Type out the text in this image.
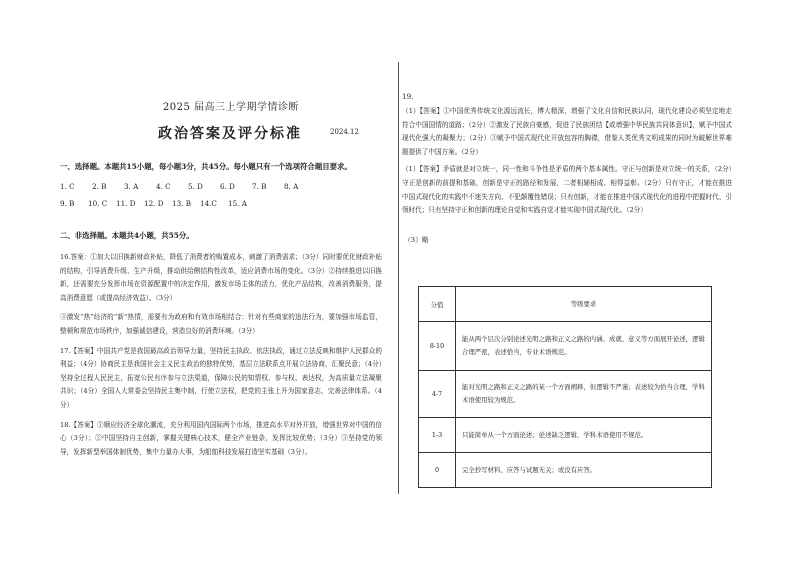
2025 届高三上学期学情诊断
政治答案及评分标准	2024.12
一、选择题。本题共15小题，每小题3分，共45分。每小题只有一个选项符合题目要求。
1. C	2. B	3. A	4. C	5. D	6. D	7. B	8. A
9. B	10. C	11. D	12. D	13. B	14.C	15. A
二、非选择题。本题共4小题，共55分。
16.答案：①加大以旧换新财政补贴，降低了消费者的购置成本，刺激了消费需求；（3分）同时要优化财政补贴的结构，引导消费升级、生产升级，推动供给侧结构性改革，适应消费市场的变化。（3分）②持续推进以旧换新，还需要充分发挥市场在资源配置中的决定作用，激发市场主体的活力，优化产品结构，改善消费服务，提高消费意愿（或提高经济效益）。（3分）
③激发“热”经济的“新”热情，需要有为政府和有效市场相结合：针对有些商家的违法行为，要加强市场监管，整顿和规范市场秩序，加强诚信建设，营造良好的消费环境。（3分）
17.【答案】中国共产党是我国最高政治领导力量，坚持民主执政、依法执政，通过立法反映和维护人民群众的利益；（4分）协商民主是我国社会主义民主政治的独特优势，基层立法联系点开展立法协商，汇聚民意；（4分）坚持全过程人民民主，拓宽公民有序参与立法渠道，保障公民的知情权、参与权、表达权，为高质量立法凝聚共识；（4分）全国人大常委会坚持民主集中制，行使立法权，把党的主张上升为国家意志，完善法律体系。（4分）
18.【答案】①顺应经济全球化潮流，充分利用国内国际两个市场，推进高水平对外开放，增强世界对中国的信心（3分）；②中国坚持自主创新，掌握关键核心技术，健全产业链条，发挥比较优势；（3分）③坚持党的领导，发挥新型举国体制优势，集中力量办大事，为船舶科技发展打造坚实基础（3分）。
19.
（1）【答案】①中国优秀传统文化源远流长，博大精深，增强了文化自信和民族认同，现代化建设必须坚定地走符合中国国情的道路；（2分）②激发了民族自豪感，促进了民族团结【或增强中华民族共同体意识】，赋予中国式现代化强大的凝聚力；（2分）③赋予中国式现代化开放包容的胸襟，借鉴人类优秀文明成果的同时为破解世界难题提供了中国方案。（2分）
（1）【答案】矛盾就是对立统一，同一性和斗争性是矛盾的两个基本属性。守正与创新是对立统一的关系，（2分）守正是创新的前提和基础，创新是守正的路径和发展，二者相辅相成、相得益彰。（2分）只有守正，才能在推进中国式现代化的实践中不迷失方向、不犯颠覆性错误；只有创新，才能在推进中国式现代化的进程中把握时代、引领时代；只有坚持守正和创新的理论自觉和实践自觉才能实现中国式现代化。（2分）
（3）略
分值	等级要求
8-10	能从两个层次分别论述光明之路和正义之路的内涵、成就、意义等方面展开论述，逻辑合理严密，表述恰当，专业术语规范。
4-7	能对光明之路和正义之路的某一个方面阐释，但逻辑不严谨；表述较为恰当合理，学科术语使用较为规范。
1-3	只能简单从一个方面论述；论述缺乏逻辑，学科术语使用不规范。
0	完全抄写材料、应答与试题无关；或没有应答。
